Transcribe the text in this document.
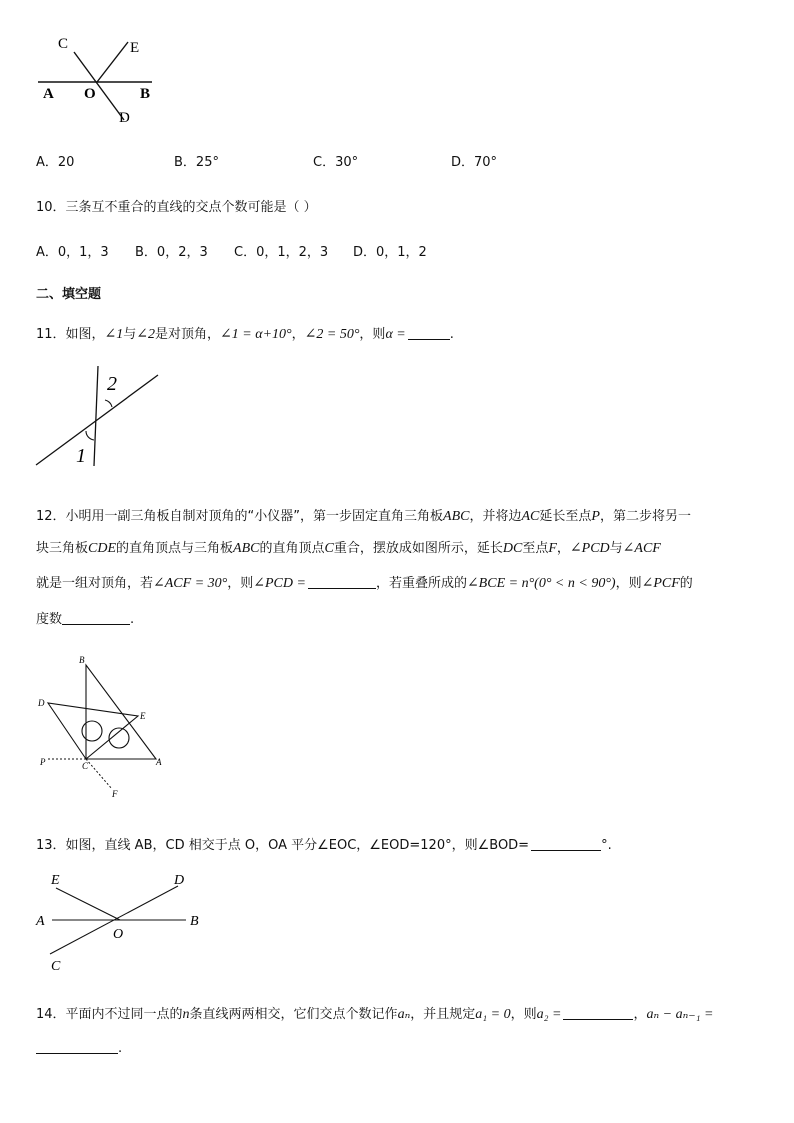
C	E
A O	B
D
A．20	B．25°	C．30°	D．70°
10．三条互不重合的直线的交点个数可能是（ ）
A．0，1，3 B．0，2，3 C．0，1，2，3 D．0，1，2
二、填空题
11．如图，∠1与∠2是对顶角，∠1 = α+10°，∠2 = 50°，则α =	.
2
1
12．小明用一副三角板自制对顶角的“小仪器”，第一步固定直角三角板ABC，并将边AC延长至点P，第二步将另一
块三角板CDE的直角顶点与三角板ABC的直角顶点C重合，摆放成如图所示，延长DC至点F，∠PCD与∠ACF
就是一组对顶角，若∠ACF = 30°，则∠PCD =	，若重叠所成的∠BCE = n°(0° < n < 90°)，则∠PCF的
度数	.
B
D
E
P	C	A
F
13．如图，直线 AB，CD 相交于点 O，OA 平分∠EOC，∠EOD=120°，则∠BOD=	°.
E	D
A	B
O
C
14．平面内不过同一点的n条直线两两相交，它们交点个数记作aₙ，并且规定a₁ = 0，则a₂ =	，aₙ − aₙ₋₁ =
.
